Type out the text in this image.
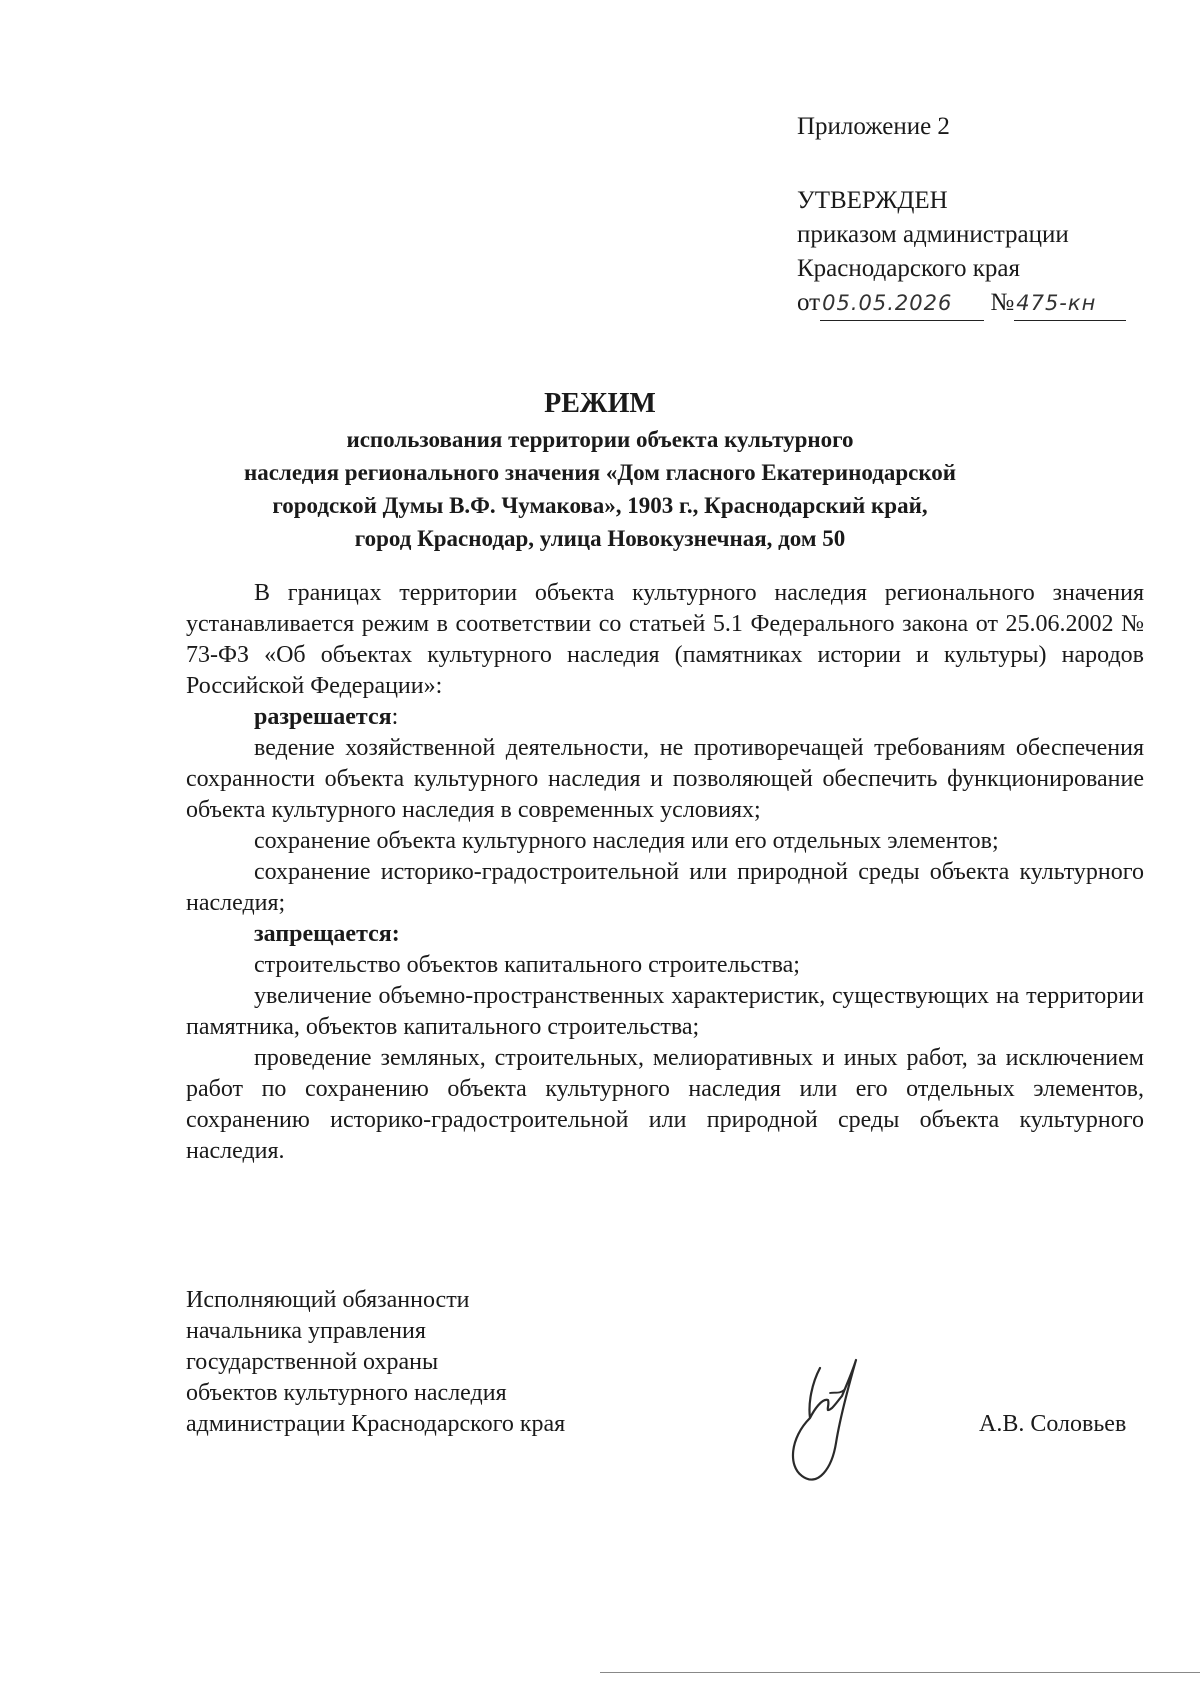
Приложение 2
УТВЕРЖДЕН
приказом администрации
Краснодарского края
от05.05.2026 №475-кн
РЕЖИМ
использования территории объекта культурного
наследия регионального значения «Дом гласного Екатеринодарской
городской Думы В.Ф. Чумакова», 1903 г., Краснодарский край,
город Краснодар, улица Новокузнечная, дом 50

В границах территории объекта культурного наследия регионального значения устанавливается режим в соответствии со статьей 5.1 Федерального закона от 25.06.2002 № 73-ФЗ «Об объектах культурного наследия (памятниках истории и культуры) народов Российской Федерации»:

разрешается:

ведение хозяйственной деятельности, не противоречащей требованиям обеспечения сохранности объекта культурного наследия и позволяющей обеспечить функционирование объекта культурного наследия в современных условиях;

сохранение объекта культурного наследия или его отдельных элементов;

сохранение историко-градостроительной или природной среды объекта культурного наследия;

запрещается:

строительство объектов капитального строительства;

увеличение объемно-пространственных характеристик, существующих на территории памятника, объектов капитального строительства;

проведение земляных, строительных, мелиоративных и иных работ, за исключением работ по сохранению объекта культурного наследия или его отдельных элементов, сохранению историко-градостроительной или природной среды объекта культурного наследия.

Исполняющий обязанности
начальника управления
государственной охраны
объектов культурного наследия
администрации Краснодарского края	А.В. Соловьев
